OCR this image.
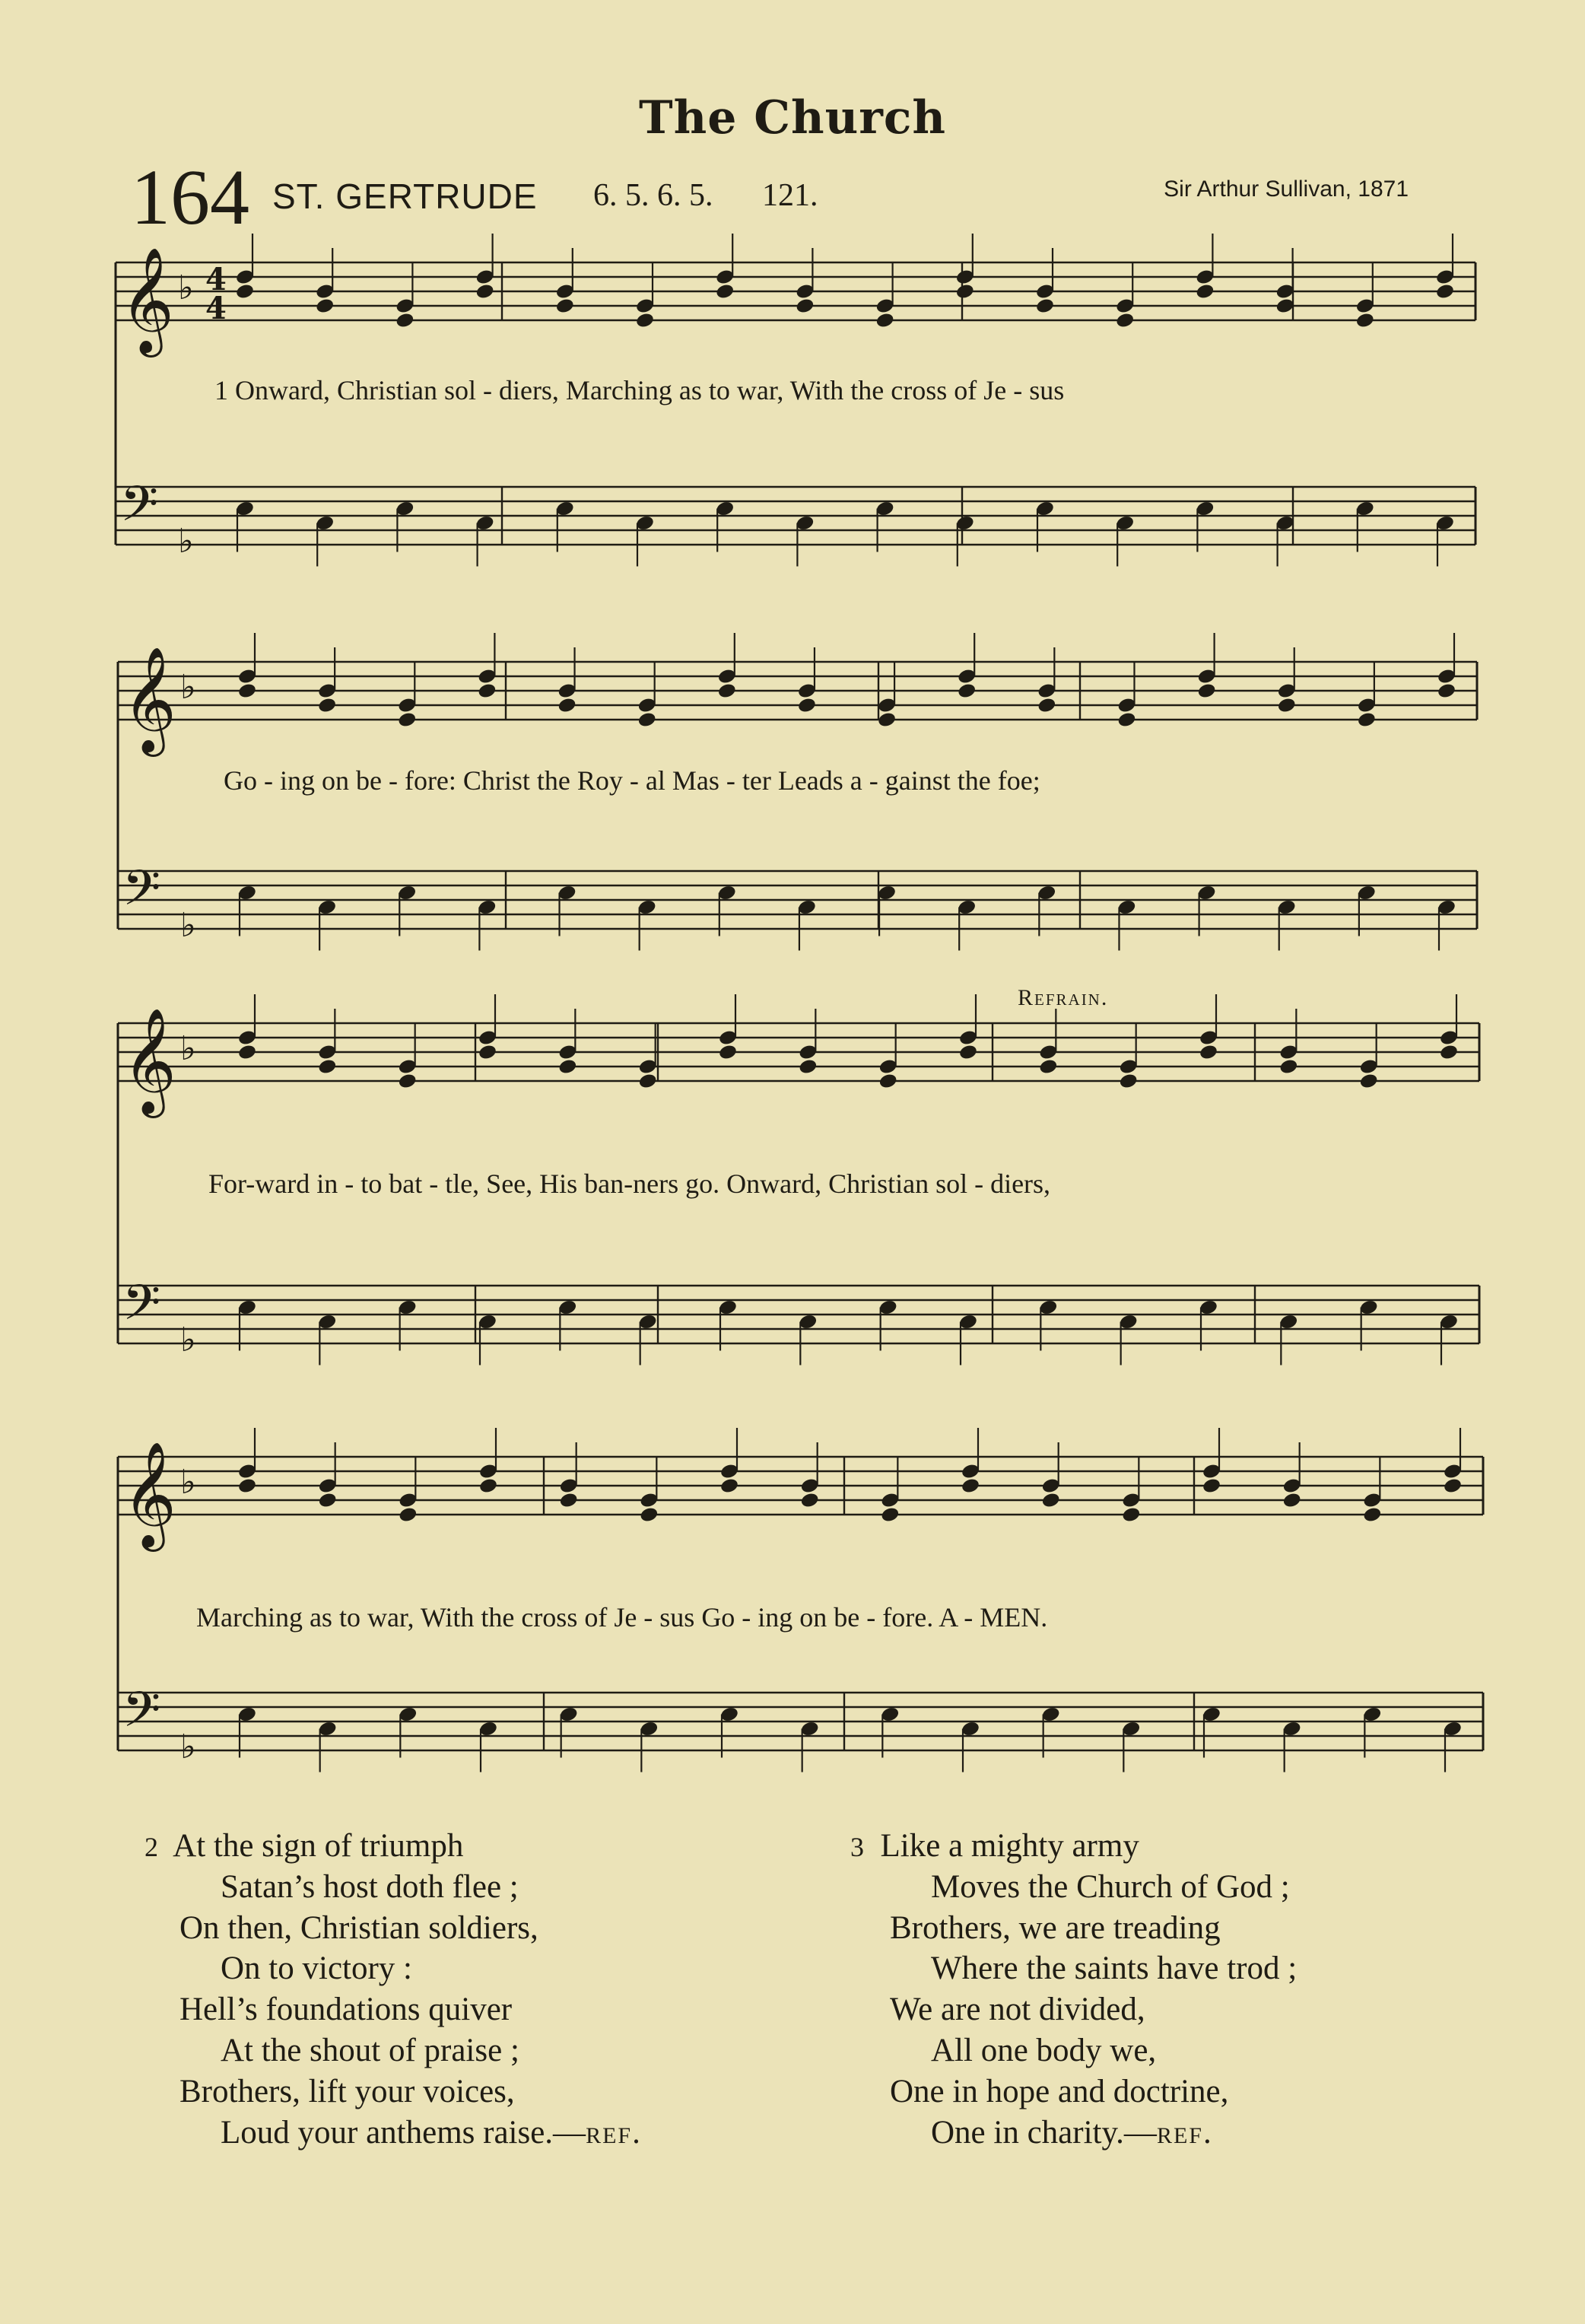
The Church
164 ST. GERTRUDE 6. 5. 6. 5. 121.	Sir Arthur Sullivan, 1871
𝄞 ♭
𝄢 ♭
4
4
𝄞 ♭
𝄢 ♭
𝄞 ♭
𝄢 ♭
𝄞 ♭
𝄢 ♭
1 Onward, Christian sol - diers, Marching as to war, With the cross of Je - sus
Go - ing on be - fore: Christ the Roy - al Mas - ter Leads a - gainst the foe;
Refrain.
For-ward in - to bat - tle, See, His ban-ners go. Onward, Christian sol - diers,
Marching as to war, With the cross of Je - sus Go - ing on be - fore. A - MEN.
2 At the sign of triumph
Satan’s host doth flee ;
On then, Christian soldiers,
On to victory :
Hell’s foundations quiver
At the shout of praise ;
Brothers, lift your voices,
Loud your anthems raise.—ref.
3 Like a mighty army
Moves the Church of God ;
Brothers, we are treading
Where the saints have trod ;
We are not divided,
All one body we,
One in hope and doctrine,
One in charity.—ref.
